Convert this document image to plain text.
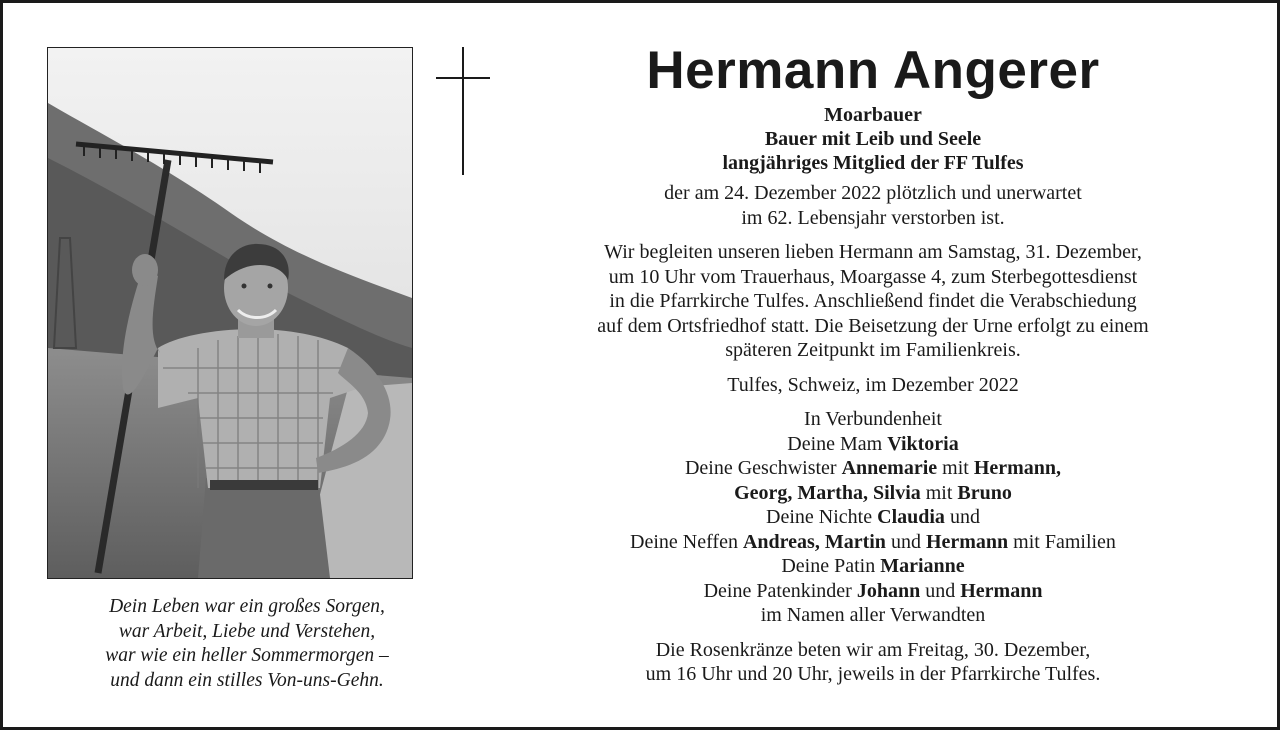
Dein Leben war ein großes Sorgen,
war Arbeit, Liebe und Verstehen,
war wie ein heller Sommermorgen –
und dann ein stilles Von-uns-Gehn.
Hermann Angerer
Moarbauer
Bauer mit Leib und Seele
langjähriges Mitglied der FF Tulfes
der am 24. Dezember 2022 plötzlich und unerwartet
im 62. Lebensjahr verstorben ist.
Wir begleiten unseren lieben Hermann am Samstag, 31. Dezember,
um 10 Uhr vom Trauerhaus, Moargasse 4, zum Sterbegottesdienst
in die Pfarrkirche Tulfes. Anschließend findet die Verabschiedung
auf dem Ortsfriedhof statt. Die Beisetzung der Urne erfolgt zu einem
späteren Zeitpunkt im Familienkreis.
Tulfes, Schweiz, im Dezember 2022
In Verbundenheit
Deine Mam Viktoria
Deine Geschwister Annemarie mit Hermann,
Georg, Martha, Silvia mit Bruno
Deine Nichte Claudia und
Deine Neffen Andreas, Martin und Hermann mit Familien
Deine Patin Marianne
Deine Patenkinder Johann und Hermann
im Namen aller Verwandten
Die Rosenkränze beten wir am Freitag, 30. Dezember,
um 16 Uhr und 20 Uhr, jeweils in der Pfarrkirche Tulfes.
